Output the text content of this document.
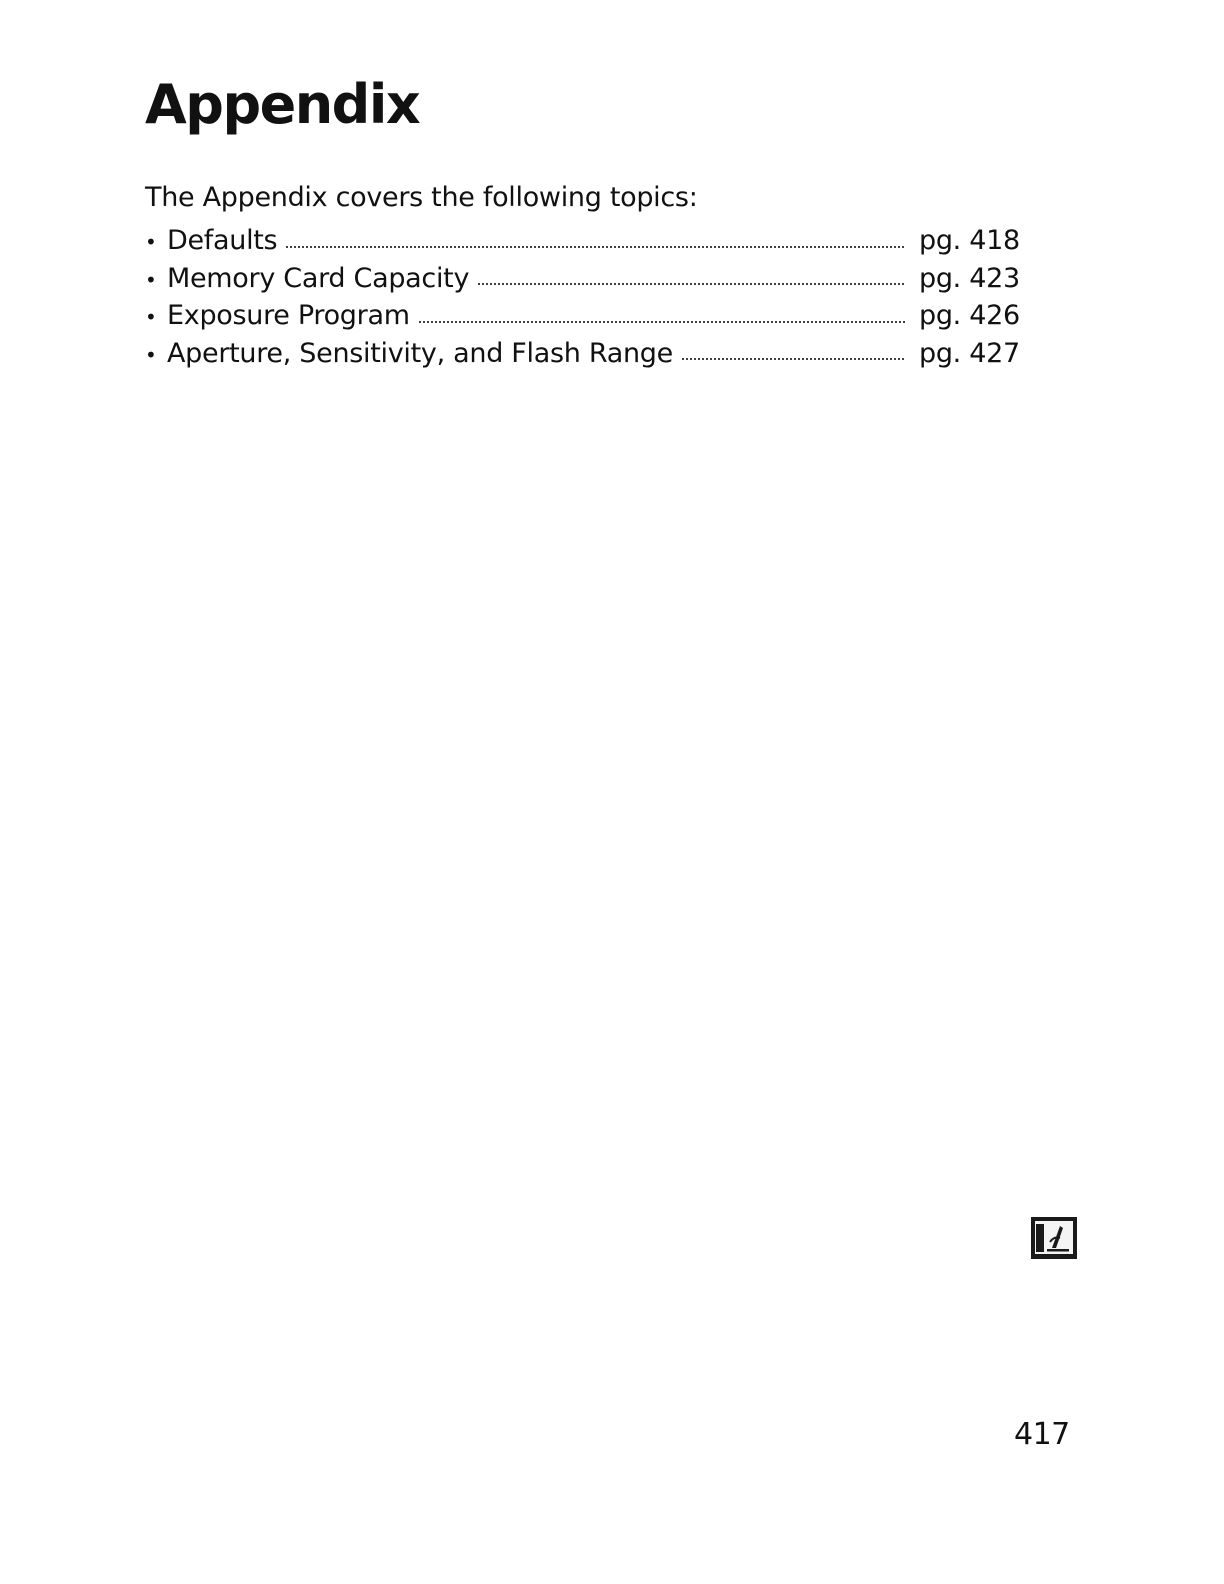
Appendix

The Appendix covers the following topics:

• Defaults	pg. 418
• Memory Card Capacity	pg. 423
• Exposure Program	pg. 426
• Aperture, Sensitivity, and Flash Range	pg. 427

417
